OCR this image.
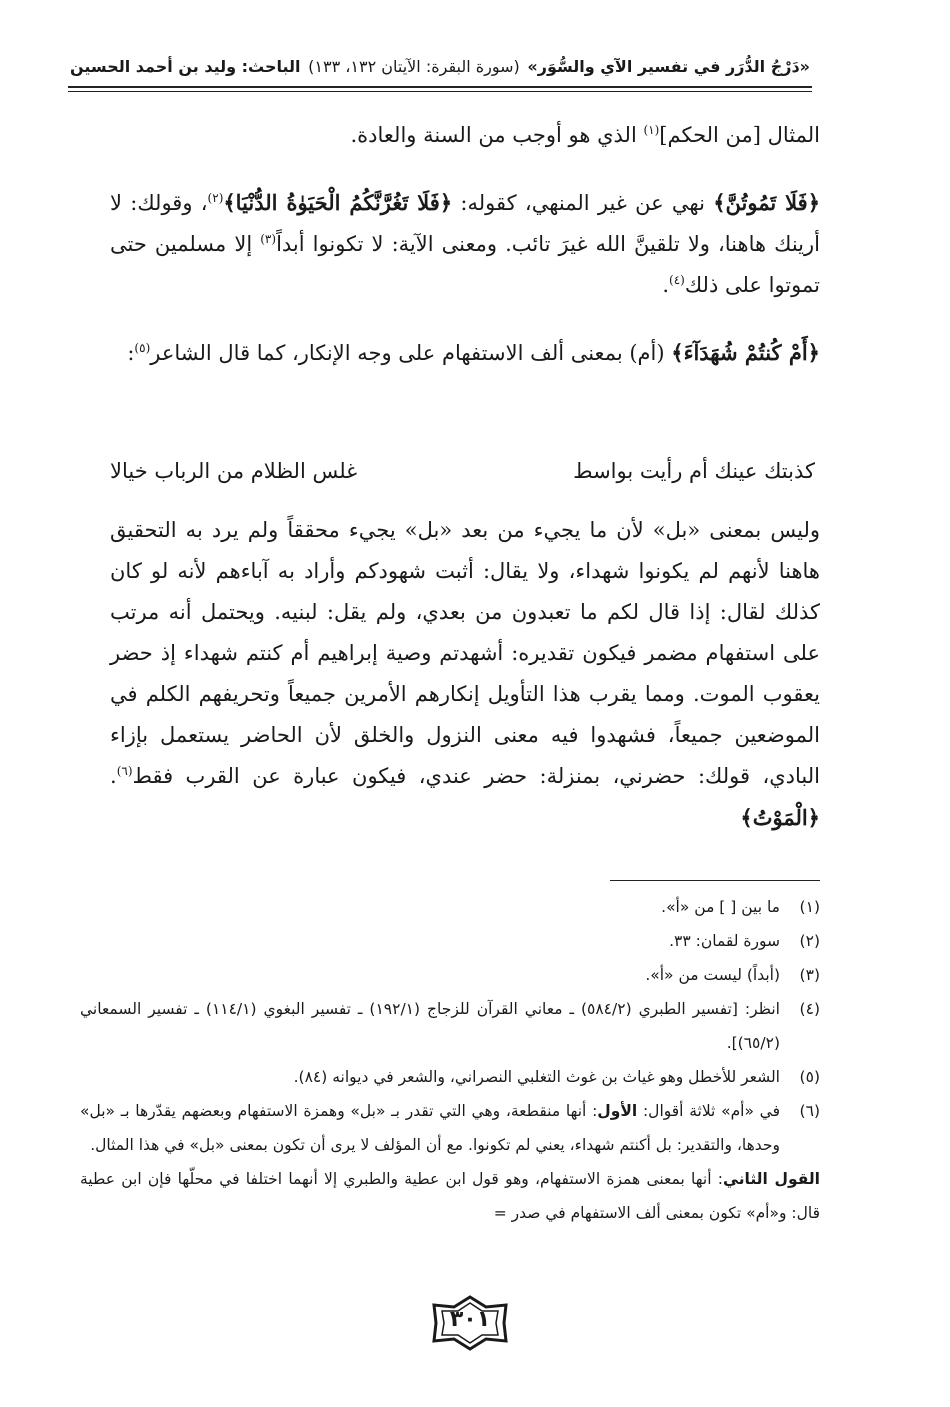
«دَرْجُ الدُّرَر في تفسير الآي والسُّوَر»
(سورة البقرة: الآيتان ١٣٢، ١٣٣)
الباحث: وليد بن أحمد الحسين

المثال [من الحكم]$^{(١)}$ الذي هو أوجب من السنة والعادة.

﴿فَلَا تَمُوتُنَّ﴾ نهي عن غير المنهي، كقوله: ﴿فَلَا تَغُرَّنَّكُمُ الْحَيَوٰةُ الدُّنْيَا﴾$^{(٢)}$، وقولك: لا أرينك هاهنا، ولا تلقينَّ الله غيرَ تائب. ومعنى الآية: لا تكونوا أبداً$^{(٣)}$ إلا مسلمين حتى تموتوا على ذلك$^{(٤)}$.

﴿أَمْ كُنتُمْ شُهَدَآءَ﴾ (أم) بمعنى ألف الاستفهام على وجه الإنكار، كما قال الشاعر$^{(٥)}$:

كذبتك عينك أم رأيت بواسط
غلس الظلام من الرباب خيالا

وليس بمعنى «بل» لأن ما يجيء من بعد «بل» يجيء محققاً ولم يرد به التحقيق هاهنا لأنهم لم يكونوا شهداء، ولا يقال: أثبت شهودكم وأراد به آباءهم لأنه لو كان كذلك لقال: إذا قال لكم ما تعبدون من بعدي، ولم يقل: لبنيه. ويحتمل أنه مرتب على استفهام مضمر فيكون تقديره: أشهدتم وصية إبراهيم أم كنتم شهداء إذ حضر يعقوب الموت. ومما يقرب هذا التأويل إنكارهم الأمرين جميعاً وتحريفهم الكلم في الموضعين جميعاً، فشهدوا فيه معنى النزول والخلق لأن الحاضر يستعمل بإزاء البادي، قولك: حضرني، بمنزلة: حضر عندي، فيكون عبارة عن القرب فقط$^{(٦)}$. ﴿الْمَوْتُ﴾

(١)
ما بين [ ] من «أ».
(٢)
سورة لقمان: ٣٣.
(٣)
(أبداً) ليست من «أ».
(٤)
انظر: [تفسير الطبري (٥٨٤/٢) ـ معاني القرآن للزجاج (١٩٢/١) ـ تفسير البغوي (١١٤/١) ـ تفسير السمعاني (٦٥/٢)].
(٥)
الشعر للأخطل وهو غياث بن غوث التغلبي النصراني، والشعر في ديوانه (٨٤).
(٦)
في «أم» ثلاثة أقوال: الأول: أنها منقطعة، وهي التي تقدر بـ «بل» وهمزة الاستفهام وبعضهم يقدّرها بـ «بل» وحدها، والتقدير: بل أكنتم شهداء، يعني لم تكونوا. مع أن المؤلف لا يرى أن تكون بمعنى «بل» في هذا المثال.
القول الثاني: أنها بمعنى همزة الاستفهام، وهو قول ابن عطية والطبري إلا أنهما اختلفا في محلّها فإن ابن عطية قال: و«أم» تكون بمعنى ألف الاستفهام في صدر =
٣٠١
